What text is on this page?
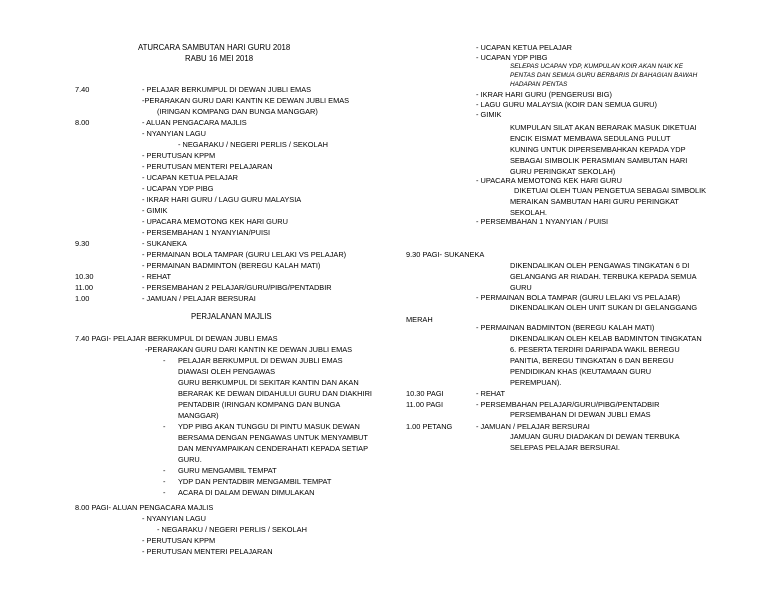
ATURCARA SAMBUTAN HARI GURU 2018
RABU 16 MEI 2018
7.40	- PELAJAR BERKUMPUL DI DEWAN JUBLI EMAS
-PERARAKAN GURU DARI KANTIN KE DEWAN JUBLI EMAS
(IRINGAN KOMPANG DAN BUNGA MANGGAR)
8.00	- ALUAN PENGACARA MAJLIS
- NYANYIAN LAGU
- NEGARAKU / NEGERI PERLIS / SEKOLAH
- PERUTUSAN KPPM
- PERUTUSAN MENTERI PELAJARAN
- UCAPAN KETUA PELAJAR
- UCAPAN YDP PIBG
- IKRAR HARI GURU / LAGU GURU MALAYSIA
- GIMIK
- UPACARA MEMOTONG KEK HARI GURU
- PERSEMBAHAN 1 NYANYIAN/PUISI
9.30	- SUKANEKA
- PERMAINAN BOLA TAMPAR (GURU LELAKI VS PELAJAR)
- PERMAINAN BADMINTON (BEREGU KALAH MATI)
10.30	- REHAT
11.00	- PERSEMBAHAN 2 PELAJAR/GURU/PIBG/PENTADBIR
1.00	- JAMUAN / PELAJAR BERSURAI
PERJALANAN MAJLIS
7.40 PAGI- PELAJAR BERKUMPUL DI DEWAN JUBLI EMAS
-PERARAKAN GURU DARI KANTIN KE DEWAN JUBLI EMAS
- PELAJAR BERKUMPUL DI DEWAN JUBLI EMAS
DIAWASI OLEH PENGAWAS
GURU BERKUMPUL DI SEKITAR KANTIN DAN AKAN
BERARAK KE DEWAN DIDAHULUI GURU DAN DIAKHIRI
PENTADBIR (IRINGAN KOMPANG DAN BUNGA
MANGGAR)
- YDP PIBG AKAN TUNGGU DI PINTU MASUK DEWAN
BERSAMA DENGAN PENGAWAS UNTUK MENYAMBUT
DAN MENYAMPAIKAN CENDERAHATI KEPADA SETIAP
GURU.
- GURU MENGAMBIL TEMPAT
- YDP DAN PENTADBIR MENGAMBIL TEMPAT
- ACARA DI DALAM DEWAN DIMULAKAN
8.00 PAGI- ALUAN PENGACARA MAJLIS
- NYANYIAN LAGU
- NEGARAKU / NEGERI PERLIS / SEKOLAH
- PERUTUSAN KPPM
- PERUTUSAN MENTERI PELAJARAN
- UCAPAN KETUA PELAJAR
- UCAPAN YDP PIBG
SELEPAS UCAPAN YDP, KUMPULAN KOIR AKAN NAIK KE
PENTAS DAN SEMUA GURU BERBARIS DI BAHAGIAN BAWAH
HADAPAN PENTAS
- IKRAR HARI GURU (PENGERUSI BIG)
- LAGU GURU MALAYSIA (KOIR DAN SEMUA GURU)
- GIMIK
KUMPULAN SILAT AKAN BERARAK MASUK DIKETUAI
ENCIK EISMAT MEMBAWA SEDULANG PULUT
KUNING UNTUK DIPERSEMBAHKAN KEPADA YDP
SEBAGAI SIMBOLIK PERASMIAN SAMBUTAN HARI
GURU PERINGKAT SEKOLAH)
- UPACARA MEMOTONG KEK HARI GURU
DIKETUAI OLEH TUAN PENGETUA SEBAGAI SIMBOLIK
MERAIKAN SAMBUTAN HARI GURU PERINGKAT
SEKOLAH.
- PERSEMBAHAN 1 NYANYIAN / PUISI
9.30 PAGI- SUKANEKA
DIKENDALIKAN OLEH PENGAWAS TINGKATAN 6 DI
GELANGANG AR RIADAH. TERBUKA KEPADA SEMUA
GURU
- PERMAINAN BOLA TAMPAR (GURU LELAKI VS PELAJAR)
DIKENDALIKAN OLEH UNIT SUKAN DI GELANGGANG
MERAH
- PERMAINAN BADMINTON (BEREGU KALAH MATI)
DIKENDALIKAN OLEH KELAB BADMINTON TINGKATAN
6. PESERTA TERDIRI DARIPADA WAKIL BEREGU
PANITIA, BEREGU TINGKATAN 6 DAN BEREGU
PENDIDIKAN KHAS (KEUTAMAAN GURU
PEREMPUAN).
10.30 PAGI	- REHAT
11.00 PAGI	- PERSEMBAHAN PELAJAR/GURU/PIBG/PENTADBIR
PERSEMBAHAN DI DEWAN JUBLI EMAS
1.00 PETANG	- JAMUAN / PELAJAR BERSURAI
JAMUAN GURU DIADAKAN DI DEWAN TERBUKA
SELEPAS PELAJAR BERSURAI.
